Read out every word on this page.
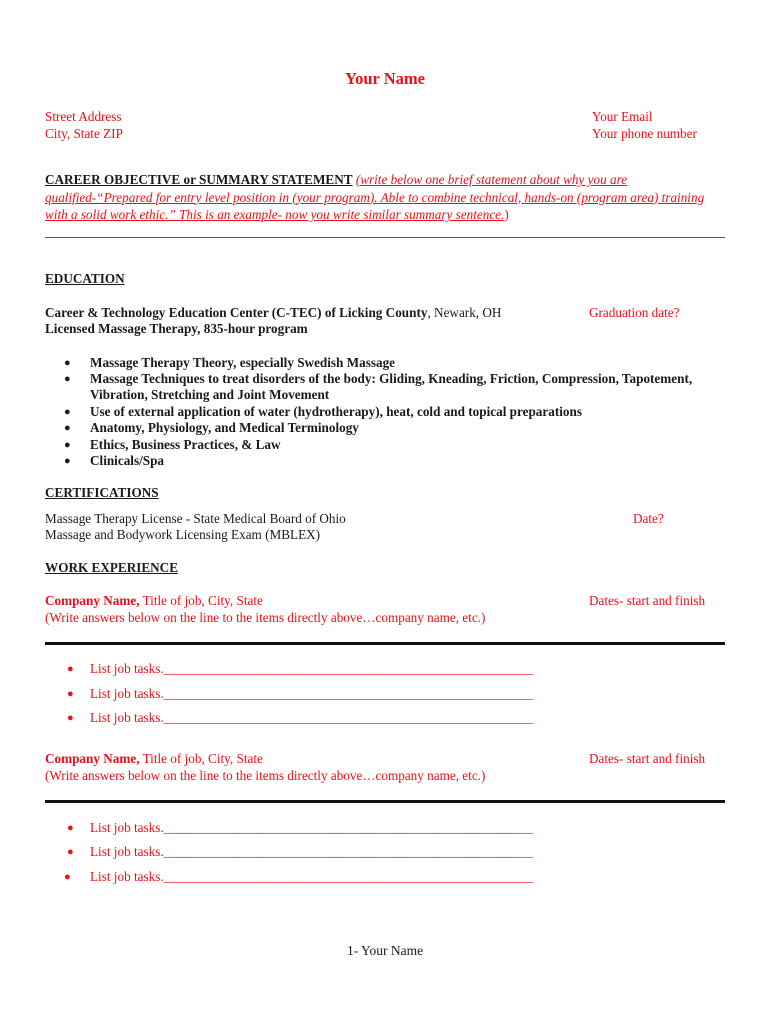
Your Name
Street Address
City, State ZIP
Your Email
Your phone number
CAREER OBJECTIVE or SUMMARY STATEMENT (write below one brief statement about why you are qualified-“Prepared for entry level position in (your program). Able to combine technical, hands-on (program area) training with a solid work ethic.” This is an example- now you write similar summary sentence.)
EDUCATION
Career & Technology Education Center (C-TEC) of Licking County, Newark, OH	Graduation date?
Licensed Massage Therapy, 835-hour program
● Massage Therapy Theory, especially Swedish Massage
● Massage Techniques to treat disorders of the body: Gliding, Kneading, Friction, Compression, Tapotement,
Vibration, Stretching and Joint Movement
● Use of external application of water (hydrotherapy), heat, cold and topical preparations
● Anatomy, Physiology, and Medical Terminology
● Ethics, Business Practices, & Law
● Clinicals/Spa
CERTIFICATIONS
Massage Therapy License - State Medical Board of Ohio
Massage and Bodywork Licensing Exam (MBLEX)
Date?
WORK EXPERIENCE
Company Name, Title of job, City, State	Dates- start and finish
(Write answers below on the line to the items directly above…company name, etc.)
● List job tasks.________________________________________________________
● List job tasks.________________________________________________________
● List job tasks.________________________________________________________
Company Name, Title of job, City, State	Dates- start and finish
(Write answers below on the line to the items directly above…company name, etc.)
● List job tasks.________________________________________________________
● List job tasks.________________________________________________________
● List job tasks.________________________________________________________
1- Your Name
